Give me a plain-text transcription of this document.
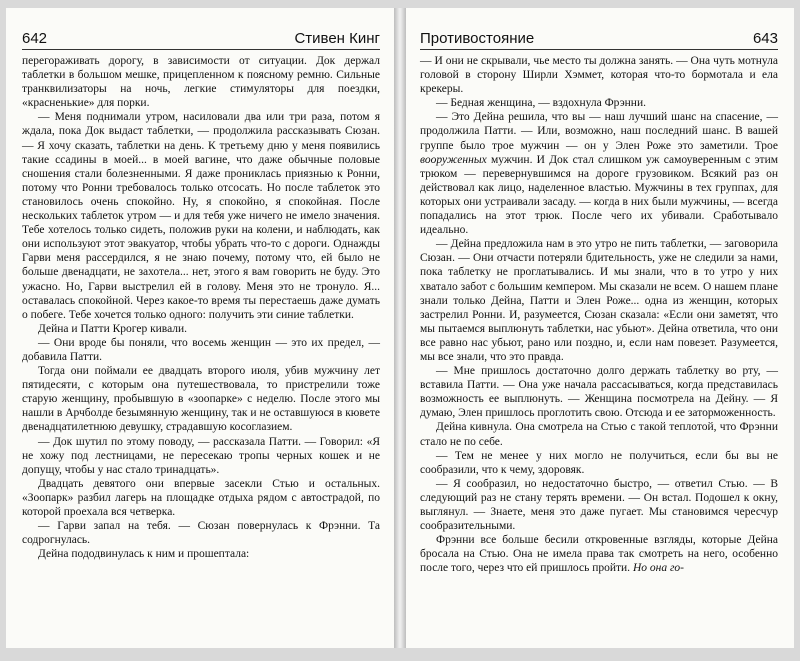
642	Стивен Кинг

перегораживать дорогу, в зависимости от ситуации. Док держал таблетки в большом мешке, прицепленном к поясному ремню. Сильные транквилизаторы на ночь, легкие стимуляторы для поездки, «красненькие» для порки.

— Меня поднимали утром, насиловали два или три раза, потом я ждала, пока Док выдаст таблетки, — продолжила рассказывать Сюзан. — Я хочу сказать, таблетки на день. К третьему дню у меня появились такие ссадины в моей... в моей вагине, что даже обычные половые сношения стали болезненными. Я даже прониклась приязнью к Ронни, потому что Ронни требовалось только отсосать. Но после таблеток это становилось очень спокойно. Ну, я спокойно, я спокойная. После нескольких таблеток утром — и для тебя уже ничего не имело значения. Тебе хотелось только сидеть, положив руки на колени, и наблюдать, как они используют этот эвакуатор, чтобы убрать что-то с дороги. Однажды Гарви меня рассердился, я не знаю почему, потому что, ей было не больше двенадцати, не захотела... нет, этого я вам говорить не буду. Это ужасно. Но, Гарви выстрелил ей в голову. Меня это не тронуло. Я... оставалась спокойной. Через какое-то время ты перестаешь даже думать о побеге. Тебе хочется только одного: получить эти синие таблетки.

Дейна и Патти Крогер кивали.

— Они вроде бы поняли, что восемь женщин — это их предел, — добавила Патти.

Тогда они поймали ее двадцать второго июля, убив мужчину лет пятидесяти, с которым она путешествовала, то пристрелили тоже старую женщину, пробывшую в «зоопарке» с неделю. После этого мы нашли в Арчболде безымянную женщину, так и не оставшуюся в кювете двенадцатилетнюю девушку, страдавшую косоглазием.

— Док шутил по этому поводу, — рассказала Патти. — Говорил: «Я не хожу под лестницами, не пересекаю тропы черных кошек и не допущу, чтобы у нас стало тринадцать».

Двадцать девятого они впервые засекли Стью и остальных. «Зоопарк» разбил лагерь на площадке отдыха рядом с автострадой, по которой проехала вся четверка.

— Гарви запал на тебя. — Сюзан повернулась к Фрэнни. Та содрогнулась.

Дейна пододвинулась к ним и прошептала:

Противостояние	643

— И они не скрывали, чье место ты должна занять. — Она чуть мотнула головой в сторону Ширли Хэммет, которая что-то бормотала и ела крекеры.

— Бедная женщина, — вздохнула Фрэнни.

— Это Дейна решила, что вы — наш лучший шанс на спасение, — продолжила Патти. — Или, возможно, наш последний шанс. В вашей группе было трое мужчин — он у Элен Роже это заметили. Трое вооруженных мужчин. И Док стал слишком уж самоуверенным с этим трюком — перевернувшимся на дороге грузовиком. Всякий раз он действовал как лицо, наделенное властью. Мужчины в тех группах, для которых они устраивали засаду. — когда в них были мужчины, — всегда попадались на этот трюк. После чего их убивали. Сработывало идеально.

— Дейна предложила нам в это утро не пить таблетки, — заговорила Сюзан. — Они отчасти потеряли бдительность, уже не следили за нами, пока таблетку не проглатывались. И мы знали, что в то утро у них хватало забот с большим кемпером. Мы сказали не всем. О нашем плане знали только Дейна, Патти и Элен Роже... одна из женщин, которых застрелил Ронни. И, разумеется, Сюзан сказала: «Если они заметят, что мы пытаемся выплюнуть таблетки, нас убьют». Дейна ответила, что они все равно нас убьют, рано или поздно, и, если нам повезет. Разумеется, мы все знали, что это правда.

— Мне пришлось достаточно долго держать таблетку во рту, — вставила Патти. — Она уже начала рассасываться, когда представилась возможность ее выплюнуть. — Женщина посмотрела на Дейну. — Я думаю, Элен пришлось проглотить свою. Отсюда и ее заторможенность.

Дейна кивнула. Она смотрела на Стью с такой теплотой, что Фрэнни стало не по себе.

— Тем не менее у них могло не получиться, если бы вы не сообразили, что к чему, здоровяк.

— Я сообразил, но недостаточно быстро, — ответил Стью. — В следующий раз не стану терять времени. — Он встал. Подошел к окну, выглянул. — Знаете, меня это даже пугает. Мы становимся чересчур сообразительными.

Фрэнни все больше бесили откровенные взгляды, которые Дейна бросала на Стью. Она не имела права так смотреть на него, особенно после того, через что ей пришлось пройти. Но она го-
